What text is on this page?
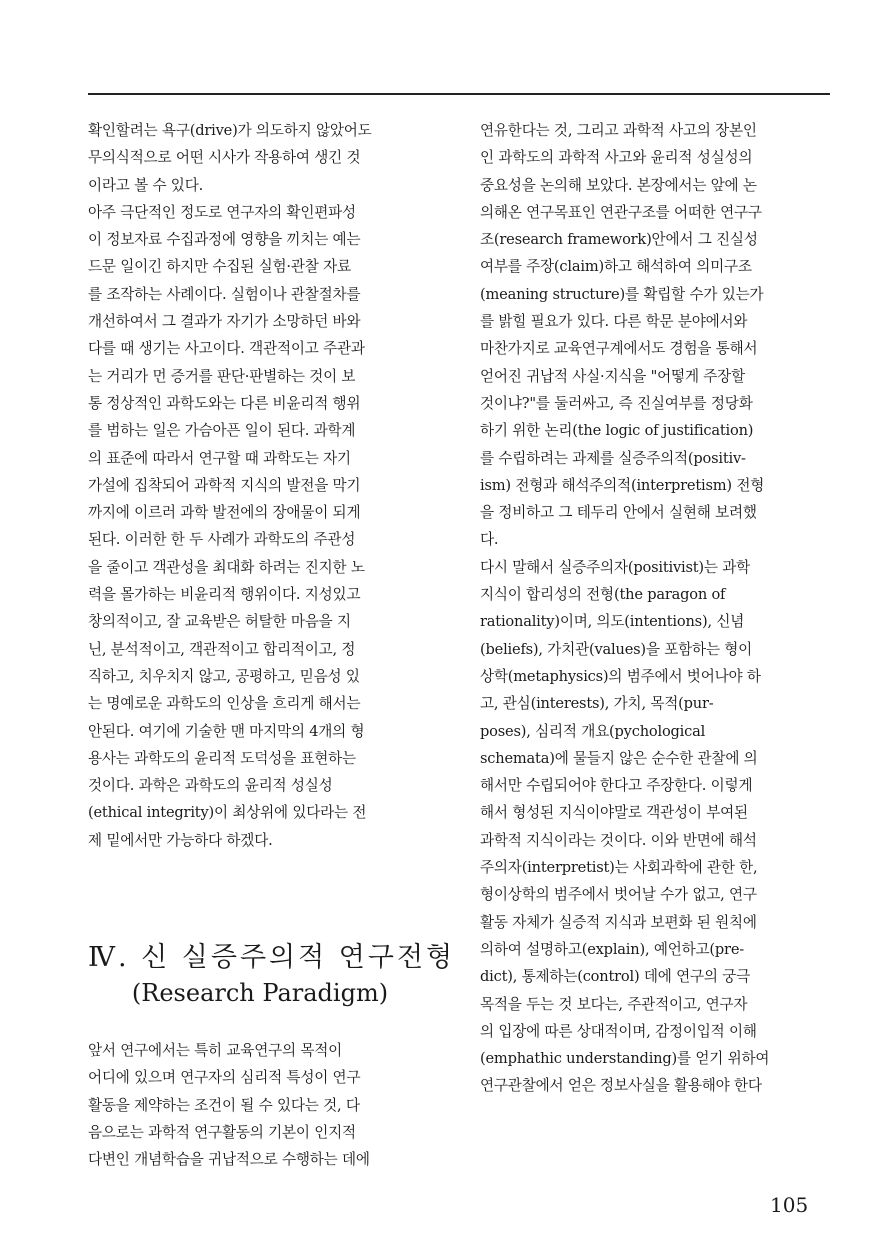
확인할려는 욕구(drive)가 의도하지 않았어도
무의식적으로 어떤 시사가 작용하여 생긴 것
이라고 볼 수 있다.
아주 극단적인 정도로 연구자의 확인편파성
이 정보자료 수집과정에 영향을 끼치는 예는
드문 일이긴 하지만 수집된 실험·관찰 자료
를 조작하는 사례이다. 실험이나 관찰절차를
개선하여서 그 결과가 자기가 소망하던 바와
다를 때 생기는 사고이다. 객관적이고 주관과
는 거리가 먼 증거를 판단·판별하는 것이 보
통 정상적인 과학도와는 다른 비윤리적 행위
를 범하는 일은 가슴아픈 일이 된다. 과학계
의 표준에 따라서 연구할 때 과학도는 자기
가설에 집착되어 과학적 지식의 발전을 막기
까지에 이르러 과학 발전에의 장애물이 되게
된다. 이러한 한 두 사례가 과학도의 주관성
을 줄이고 객관성을 최대화 하려는 진지한 노
력을 몰가하는 비윤리적 행위이다. 지성있고
창의적이고, 잘 교육받은 허탈한 마음을 지
닌, 분석적이고, 객관적이고 합리적이고, 정
직하고, 치우치지 않고, 공평하고, 믿음성 있
는 명예로운 과학도의 인상을 흐리게 해서는
안된다. 여기에 기술한 맨 마지막의 4개의 형
용사는 과학도의 윤리적 도덕성을 표현하는
것이다. 과학은 과학도의 윤리적 성실성
(ethical integrity)이 최상위에 있다라는 전
제 밑에서만 가능하다 하겠다.
Ⅳ. 신 실증주의적 연구전형
(Research Paradigm)
앞서 연구에서는 특히 교육연구의 목적이
어디에 있으며 연구자의 심리적 특성이 연구
활동을 제약하는 조건이 될 수 있다는 것, 다
음으로는 과학적 연구활동의 기본이 인지적
다변인 개념학습을 귀납적으로 수행하는 데에
연유한다는 것, 그리고 과학적 사고의 장본인
인 과학도의 과학적 사고와 윤리적 성실성의
중요성을 논의해 보았다. 본장에서는 앞에 논
의해온 연구목표인 연관구조를 어떠한 연구구
조(research framework)안에서 그 진실성
여부를 주장(claim)하고 해석하여 의미구조
(meaning structure)를 확립할 수가 있는가
를 밝힐 필요가 있다. 다른 학문 분야에서와
마찬가지로 교육연구계에서도 경험을 통해서
얻어진 귀납적 사실·지식을 "어떻게 주장할
것이냐?"를 둘러싸고, 즉 진실여부를 정당화
하기 위한 논리(the logic of justification)
를 수립하려는 과제를 실증주의적(positiv-
ism) 전형과 해석주의적(interpretism) 전형
을 정비하고 그 테두리 안에서 실현해 보려했
다.
다시 말해서 실증주의자(positivist)는 과학
지식이 합리성의 전형(the paragon of
rationality)이며, 의도(intentions), 신념
(beliefs), 가치관(values)을 포함하는 형이
상학(metaphysics)의 범주에서 벗어나야 하
고, 관심(interests), 가치, 목적(pur-
poses), 심리적 개요(pychological
schemata)에 물들지 않은 순수한 관찰에 의
해서만 수립되어야 한다고 주장한다. 이렇게
해서 형성된 지식이야말로 객관성이 부여된
과학적 지식이라는 것이다. 이와 반면에 해석
주의자(interpretist)는 사회과학에 관한 한,
형이상학의 범주에서 벗어날 수가 없고, 연구
활동 자체가 실증적 지식과 보편화 된 원칙에
의하여 설명하고(explain), 예언하고(pre-
dict), 통제하는(control) 데에 연구의 궁극
목적을 두는 것 보다는, 주관적이고, 연구자
의 입장에 따른 상대적이며, 감정이입적 이해
(emphathic understanding)를 얻기 위하여
연구관찰에서 얻은 정보사실을 활용해야 한다
105
